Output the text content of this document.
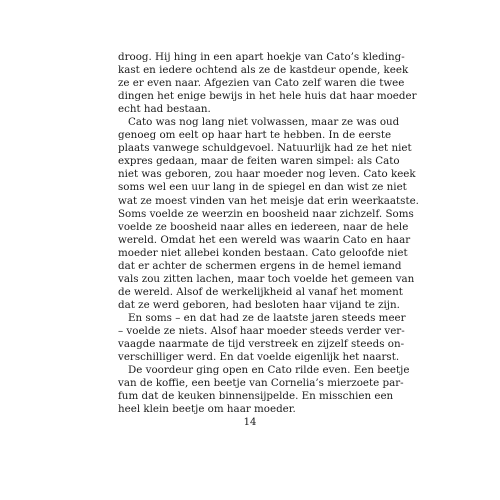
droog. Hij hing in een apart hoekje van Cato’s kleding-
kast en iedere ochtend als ze de kastdeur opende, keek
ze er even naar. Afgezien van Cato zelf waren die twee
dingen het enige bewijs in het hele huis dat haar moeder
echt had bestaan.
Cato was nog lang niet volwassen, maar ze was oud
genoeg om eelt op haar hart te hebben. In de eerste
plaats vanwege schuldgevoel. Natuurlijk had ze het niet
expres gedaan, maar de feiten waren simpel: als Cato
niet was geboren, zou haar moeder nog leven. Cato keek
soms wel een uur lang in de spiegel en dan wist ze niet
wat ze moest vinden van het meisje dat erin weerkaatste.
Soms voelde ze weerzin en boosheid naar zichzelf. Soms
voelde ze boosheid naar alles en iedereen, naar de hele
wereld. Omdat het een wereld was waarin Cato en haar
moeder niet allebei konden bestaan. Cato geloofde niet
dat er achter de schermen ergens in de hemel iemand
vals zou zitten lachen, maar toch voelde het gemeen van
de wereld. Alsof de werkelijkheid al vanaf het moment
dat ze werd geboren, had besloten haar vijand te zijn.
En soms – en dat had ze de laatste jaren steeds meer
– voelde ze niets. Alsof haar moeder steeds verder ver-
vaagde naarmate de tijd verstreek en zijzelf steeds on-
verschilliger werd. En dat voelde eigenlijk het naarst.
De voordeur ging open en Cato rilde even. Een beetje
van de koffie, een beetje van Cornelia’s mierzoete par-
fum dat de keuken binnensijpelde. En misschien een
heel klein beetje om haar moeder.
14
